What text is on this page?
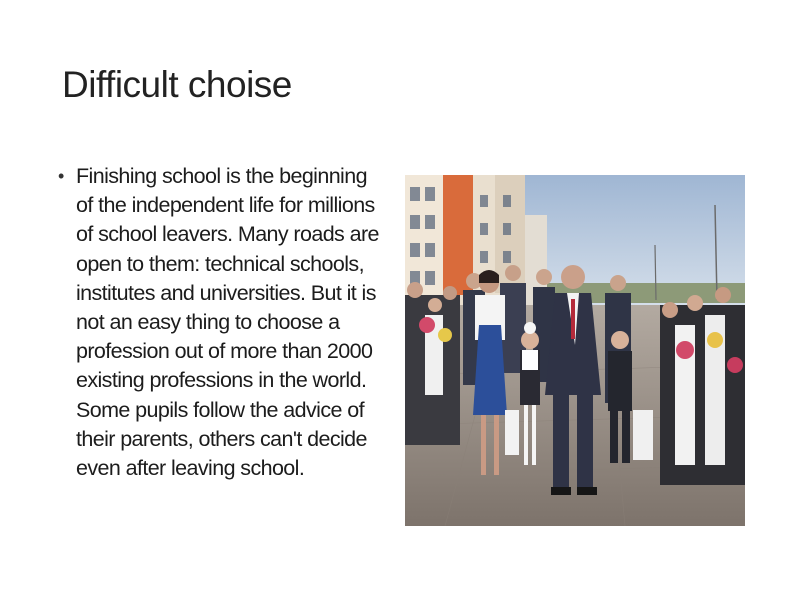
Difficult choise
• Finishing school is the beginning of the independent life for millions of school leavers. Many roads are open to them: technical schools, institutes and universities. But it is not an easy thing to choose a profession out of more than 2000 existing professions in the world. Some pupils follow the advice of their parents, others can't decide even after leaving school.
